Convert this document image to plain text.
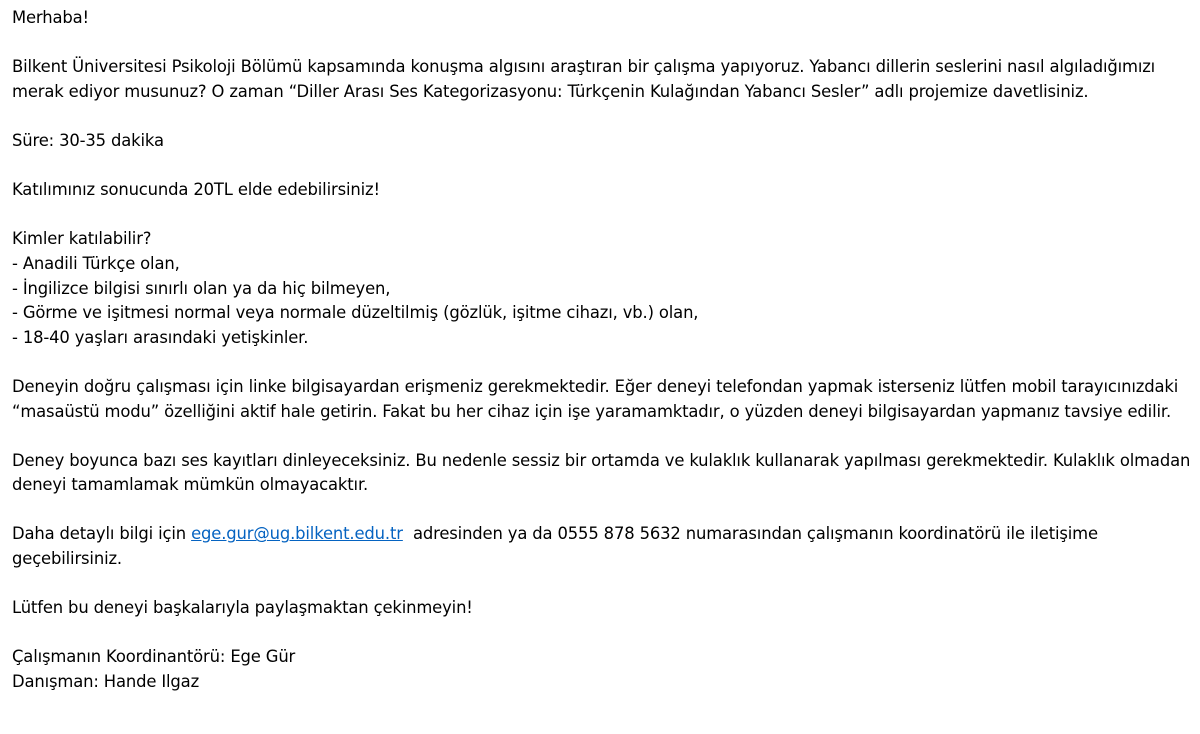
Merhaba!

Bilkent Üniversitesi Psikoloji Bölümü kapsamında konuşma algısını araştıran bir çalışma yapıyoruz. Yabancı dillerin seslerini nasıl algıladığımızı merak ediyor musunuz? O zaman “Diller Arası Ses Kategorizasyonu: Türkçenin Kulağından Yabancı Sesler” adlı projemize davetlisiniz.

Süre: 30-35 dakika

Katılımınız sonucunda 20TL elde edebilirsiniz!

Kimler katılabilir?
- Anadili Türkçe olan,
- İngilizce bilgisi sınırlı olan ya da hiç bilmeyen,
- Görme ve işitmesi normal veya normale düzeltilmiş (gözlük, işitme cihazı, vb.) olan,
- 18-40 yaşları arasındaki yetişkinler.

Deneyin doğru çalışması için linke bilgisayardan erişmeniz gerekmektedir. Eğer deneyi telefondan yapmak isterseniz lütfen mobil tarayıcınızdaki “masaüstü modu” özelliğini aktif hale getirin. Fakat bu her cihaz için işe yaramamktadır, o yüzden deneyi bilgisayardan yapmanız tavsiye edilir.

Deney boyunca bazı ses kayıtları dinleyeceksiniz. Bu nedenle sessiz bir ortamda ve kulaklık kullanarak yapılması gerekmektedir. Kulaklık olmadan deneyi tamamlamak mümkün olmayacaktır.

Daha detaylı bilgi için ege.gur@ug.bilkent.edu.tr  adresinden ya da 0555 878 5632 numarasından çalışmanın koordinatörü ile iletişime geçebilirsiniz.

Lütfen bu deneyi başkalarıyla paylaşmaktan çekinmeyin!

Çalışmanın Koordinantörü: Ege Gür
Danışman: Hande Ilgaz
